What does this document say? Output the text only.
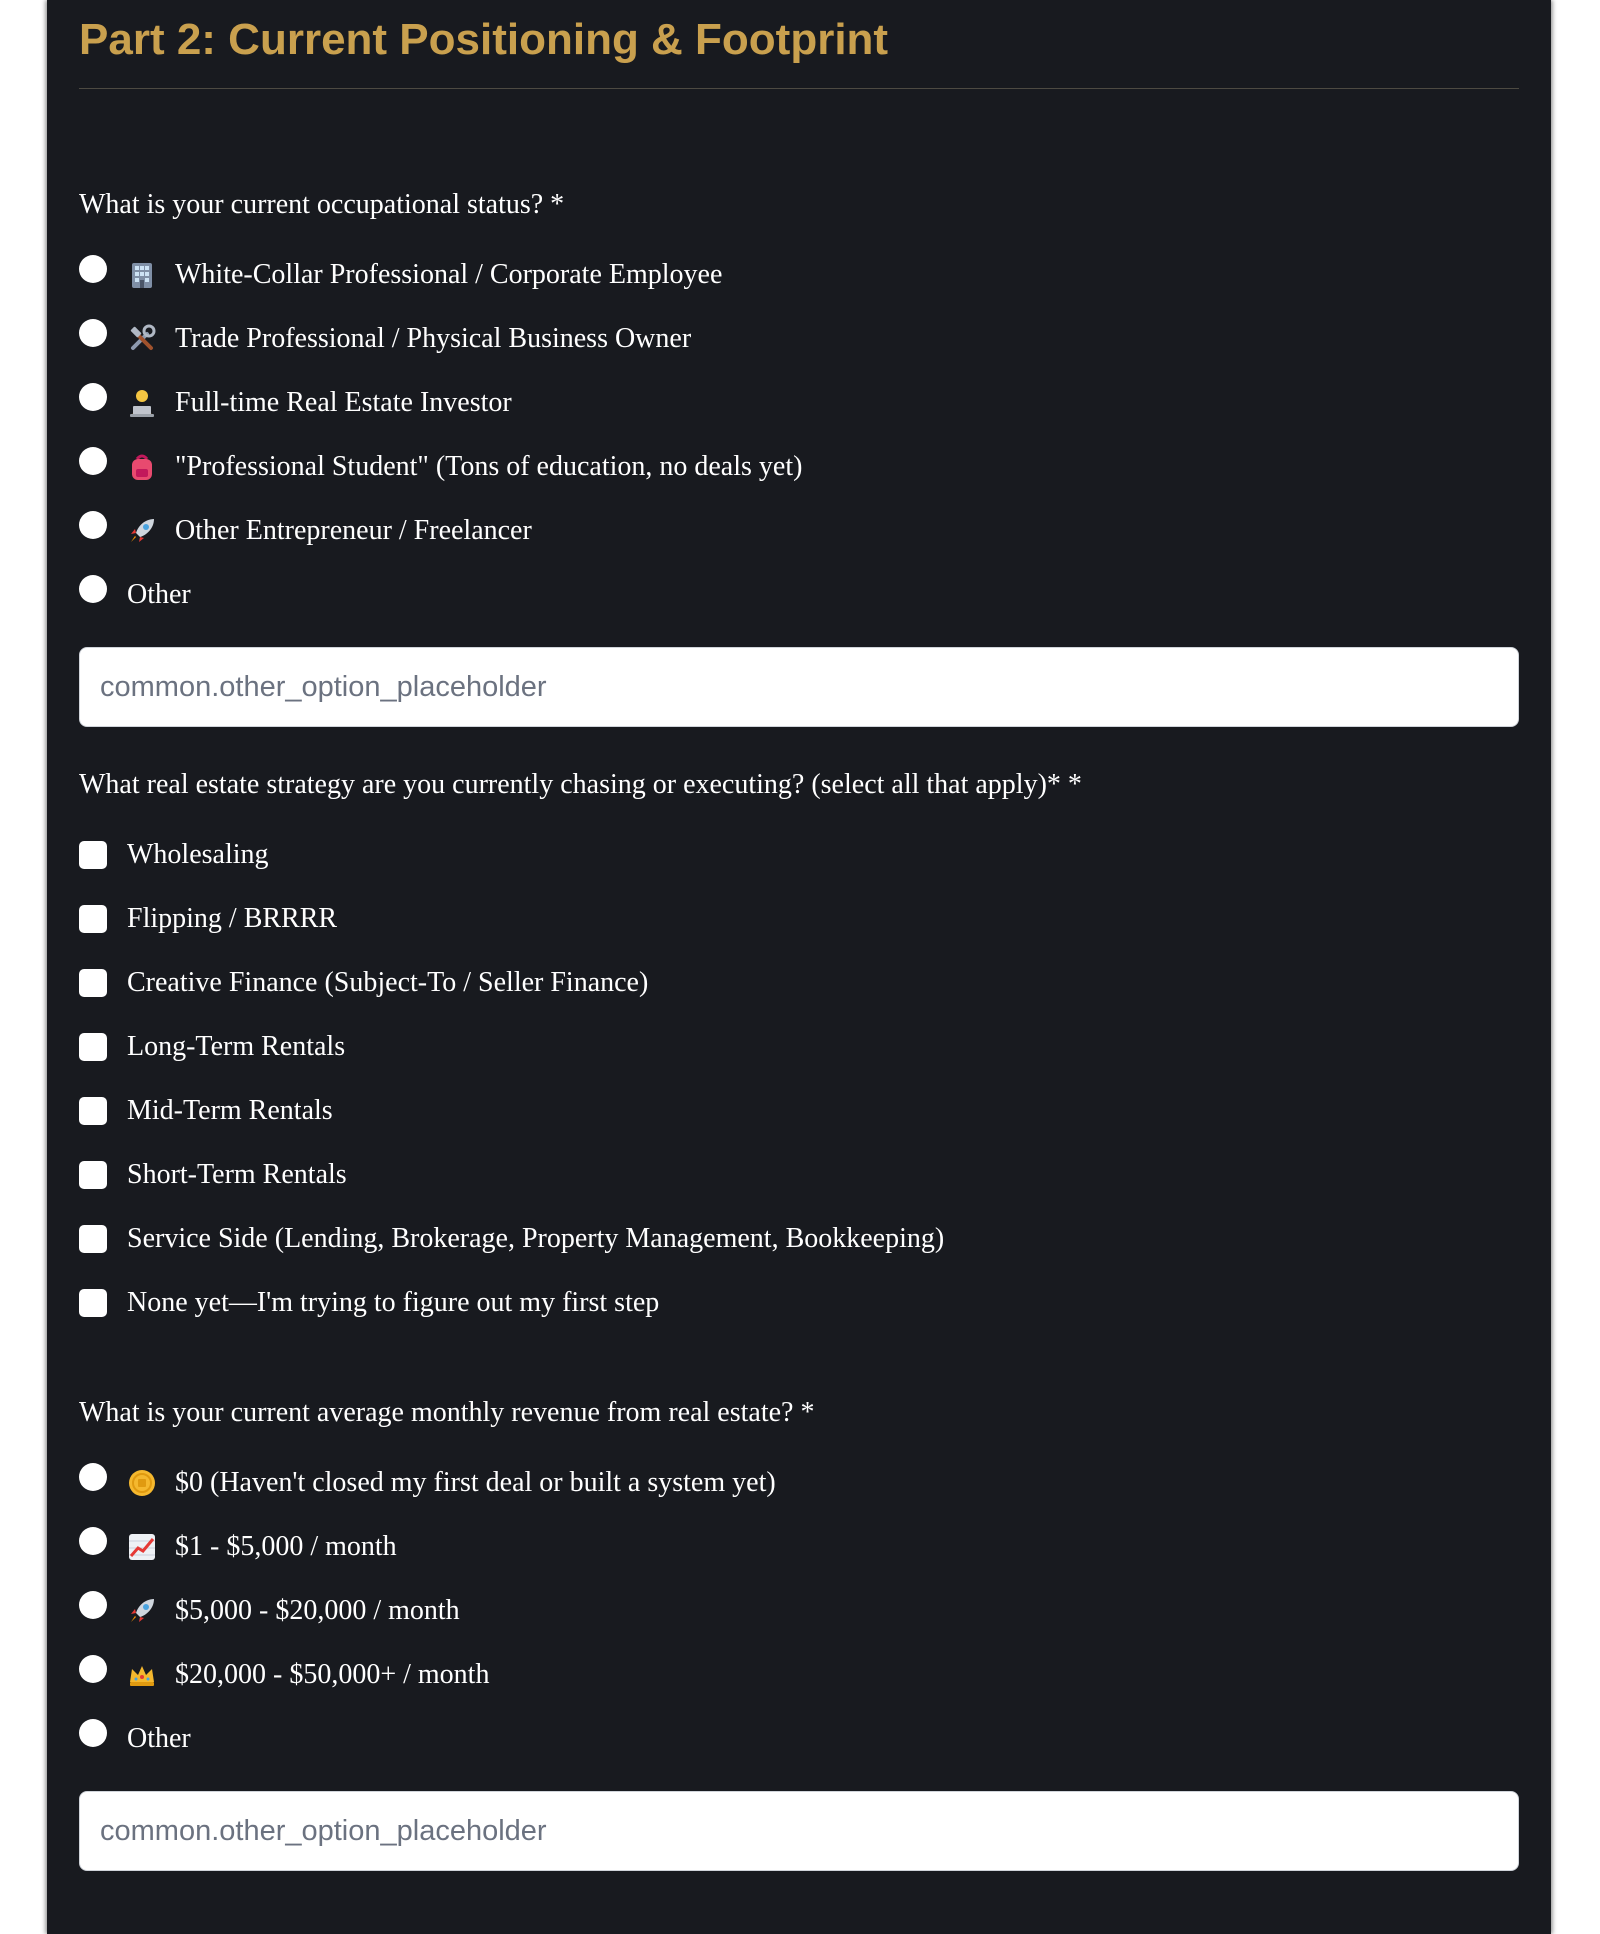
Part 2: Current Positioning & Footprint
What is your current occupational status? *
White-Collar Professional / Corporate Employee
Trade Professional / Physical Business Owner
Full-time Real Estate Investor
"Professional Student" (Tons of education, no deals yet)
Other Entrepreneur / Freelancer
Other
common.other_option_placeholder
What real estate strategy are you currently chasing or executing? (select all that apply)* *
Wholesaling
Flipping / BRRRR
Creative Finance (Subject-To / Seller Finance)
Long-Term Rentals
Mid-Term Rentals
Short-Term Rentals
Service Side (Lending, Brokerage, Property Management, Bookkeeping)
None yet—I'm trying to figure out my first step
What is your current average monthly revenue from real estate? *
$0 (Haven't closed my first deal or built a system yet)
$1 - $5,000 / month
$5,000 - $20,000 / month
$20,000 - $50,000+ / month
Other
common.other_option_placeholder
